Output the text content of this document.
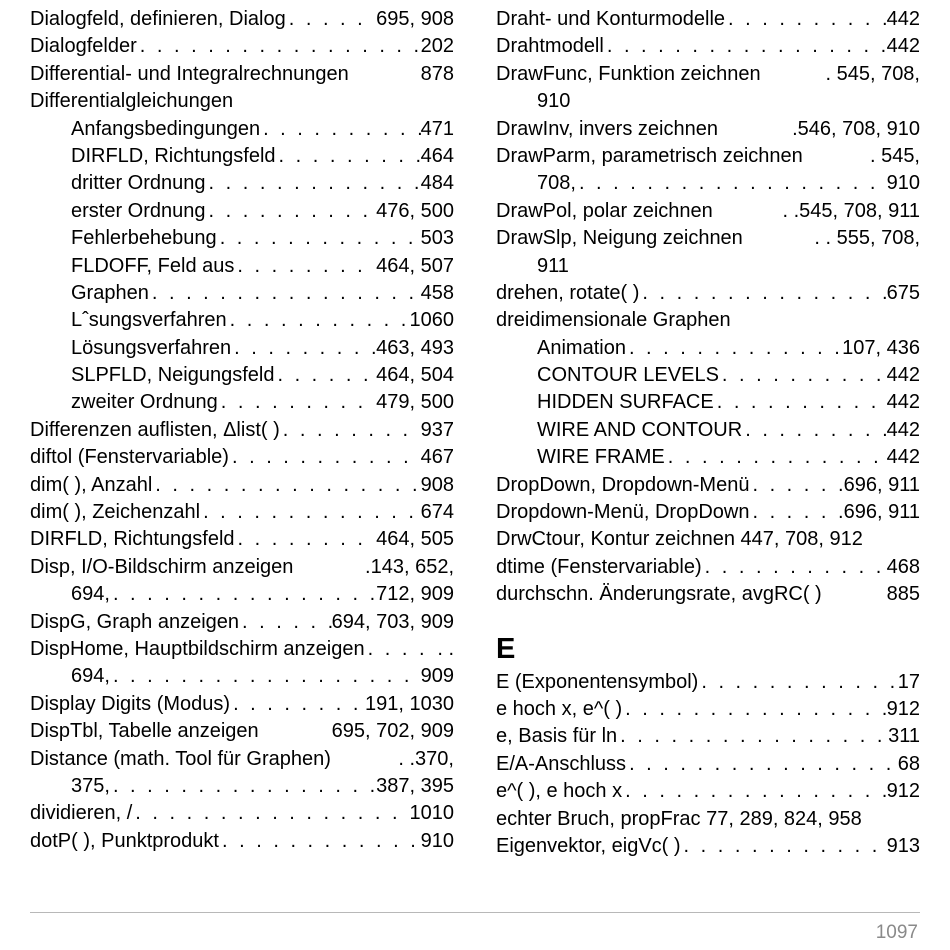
Dialogfeld, definieren, Dialog . . .	695, 908
Dialogfelder . . .	202
Differential- und Integralrechnungen	878
Differentialgleichungen
Anfangsbedingungen . . .	471
DIRFLD, Richtungsfeld . . .	464
dritter Ordnung . . .	484
erster Ordnung . . .	476, 500
Fehlerbehebung . . .	503
FLDOFF, Feld aus . . .	464, 507
Graphen . . .	458
Lˆsungsverfahren . . .	1060
Lösungsverfahren . . .	463, 493
SLPFLD, Neigungsfeld . . .	464, 504
zweiter Ordnung . . .	479, 500
Differenzen auflisten, Δlist( ) . . .	937
diftol (Fenstervariable) . . .	467
dim( ), Anzahl . . .	908
dim( ), Zeichenzahl . . .	674
DIRFLD, Richtungsfeld . . .	464, 505
Disp, I/O-Bildschirm anzeigen	.143, 652,
694, . . .	712, 909
DispG, Graph anzeigen . . .	694, 703, 909
DispHome, Hauptbildschirm anzeigen . . .	. .
694, . . .	909
Display Digits (Modus) . . .	191, 1030
DispTbl, Tabelle anzeigen	695, 702, 909
Distance (math. Tool für Graphen)	. .370,
375, . . .	387, 395
dividieren, / . . .	1010
dotP( ), Punktprodukt . . .	910
Draht- und Konturmodelle . . .	442
Drahtmodell . . .	442
DrawFunc, Funktion zeichnen	. 545, 708,
910
DrawInv, invers zeichnen	.546, 708, 910
DrawParm, parametrisch zeichnen	. 545,
708, . . .	910
DrawPol, polar zeichnen	. .545, 708, 911
DrawSlp, Neigung zeichnen	. . 555, 708,
911
drehen, rotate( ) . . .	675
dreidimensionale Graphen
Animation . . .	107, 436
CONTOUR LEVELS . . .	442
HIDDEN SURFACE . . .	442
WIRE AND CONTOUR . . .	442
WIRE FRAME . . .	442
DropDown, Dropdown-Menü . . .	696, 911
Dropdown-Menü, DropDown . . .	696, 911
DrwCtour, Kontur zeichnen 447, 708, 912
dtime (Fenstervariable) . . .	468
durchschn. Änderungsrate, avgRC( )	885
E
E (Exponentensymbol) . . .	17
e hoch x, e^( ) . . .	912
e, Basis für ln . . .	311
E/A-Anschluss . . .	68
e^( ), e hoch x . . .	912
echter Bruch, propFrac 77, 289, 824, 958
Eigenvektor, eigVc( ) . . .	913
1097
